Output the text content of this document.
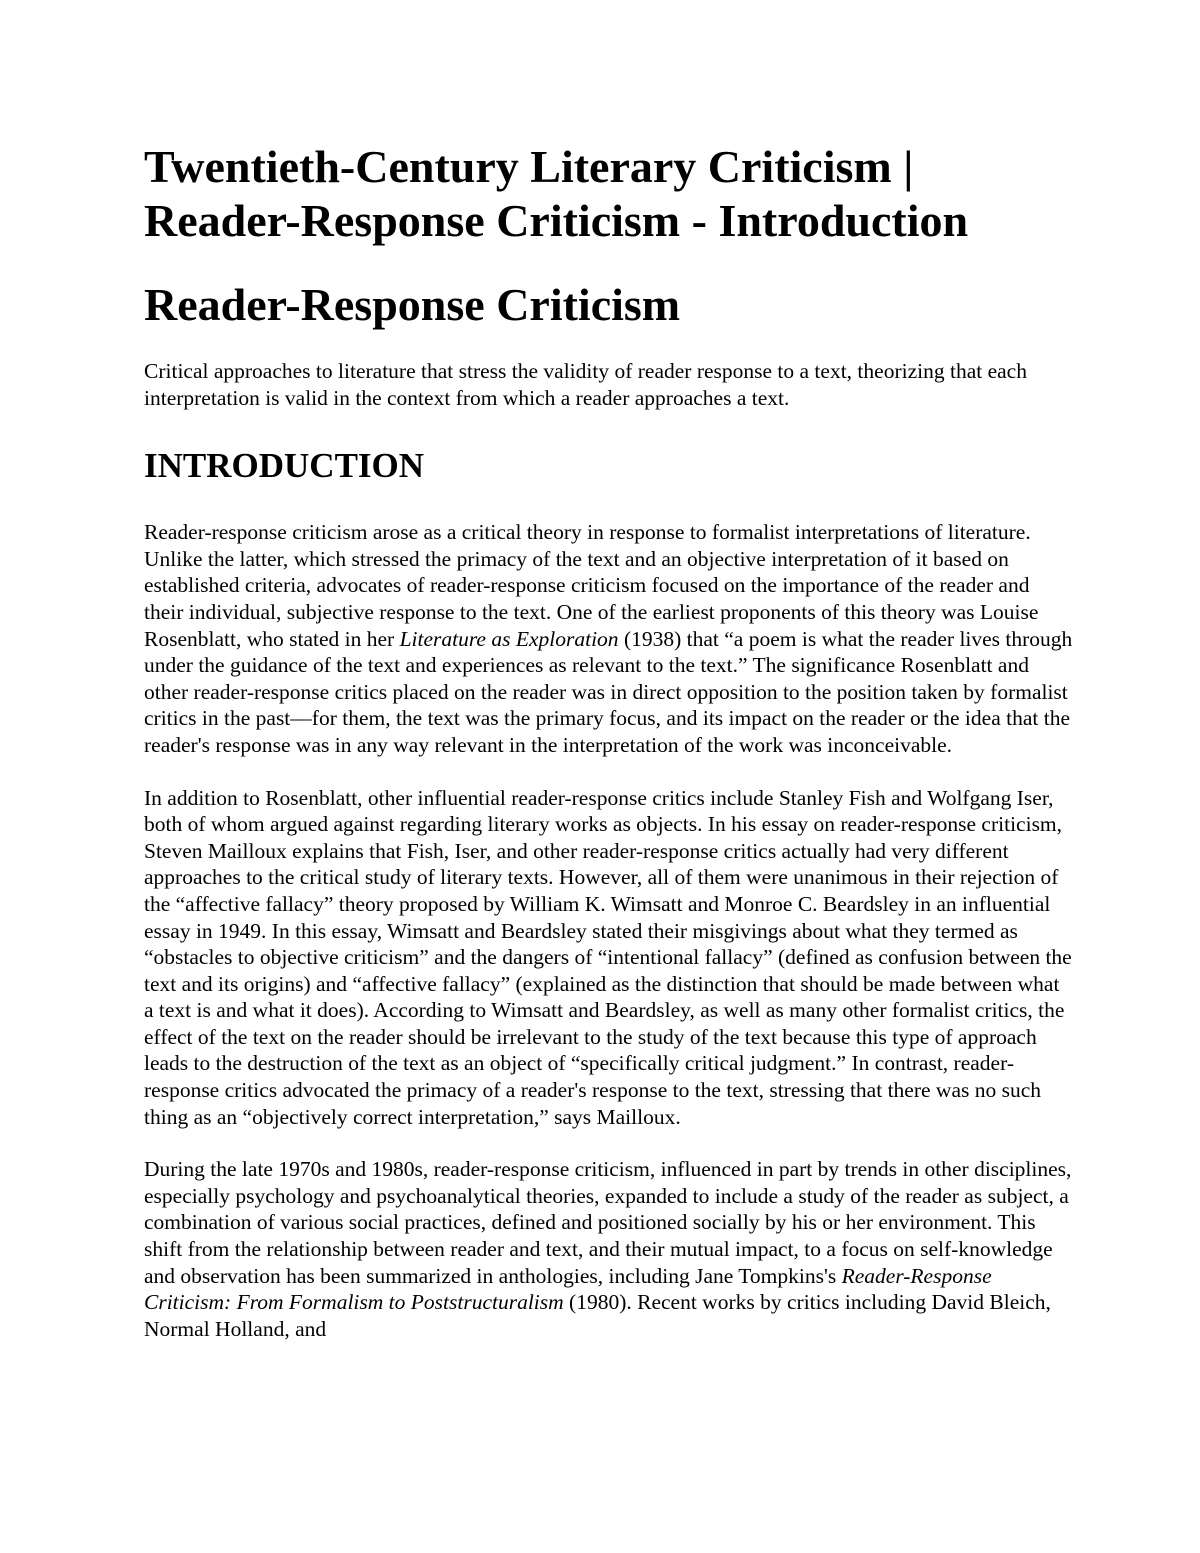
Twentieth-Century Literary Criticism |
Reader-Response Criticism - Introduction
Reader-Response Criticism

Critical approaches to literature that stress the validity of reader response to a text, theorizing that each interpretation is valid in the context from which a reader approaches a text.

INTRODUCTION

Reader-response criticism arose as a critical theory in response to formalist interpretations of literature. Unlike the latter, which stressed the primacy of the text and an objective interpretation of it based on established criteria, advocates of reader-response criticism focused on the importance of the reader and their individual, subjective response to the text. One of the earliest proponents of this theory was Louise Rosenblatt, who stated in her Literature as Exploration (1938) that “a poem is what the reader lives through under the guidance of the text and experiences as relevant to the text.” The significance Rosenblatt and other reader-response critics placed on the reader was in direct opposition to the position taken by formalist critics in the past—for them, the text was the primary focus, and its impact on the reader or the idea that the reader's response was in any way relevant in the interpretation of the work was inconceivable.

In addition to Rosenblatt, other influential reader-response critics include Stanley Fish and Wolfgang Iser, both of whom argued against regarding literary works as objects. In his essay on reader-response criticism, Steven Mailloux explains that Fish, Iser, and other reader-response critics actually had very different approaches to the critical study of literary texts. However, all of them were unanimous in their rejection of the “affective fallacy” theory proposed by William K. Wimsatt and Monroe C. Beardsley in an influential essay in 1949. In this essay, Wimsatt and Beardsley stated their misgivings about what they termed as “obstacles to objective criticism” and the dangers of “intentional fallacy” (defined as confusion between the text and its origins) and “affective fallacy” (explained as the distinction that should be made between what a text is and what it does). According to Wimsatt and Beardsley, as well as many other formalist critics, the effect of the text on the reader should be irrelevant to the study of the text because this type of approach leads to the destruction of the text as an object of “specifically critical judgment.” In contrast, reader-response critics advocated the primacy of a reader's response to the text, stressing that there was no such thing as an “objectively correct interpretation,” says Mailloux.

During the late 1970s and 1980s, reader-response criticism, influenced in part by trends in other disciplines, especially psychology and psychoanalytical theories, expanded to include a study of the reader as subject, a combination of various social practices, defined and positioned socially by his or her environment. This shift from the relationship between reader and text, and their mutual impact, to a focus on self-knowledge and observation has been summarized in anthologies, including Jane Tompkins's Reader-Response Criticism: From Formalism to Poststructuralism (1980). Recent works by critics including David Bleich, Normal Holland, and
